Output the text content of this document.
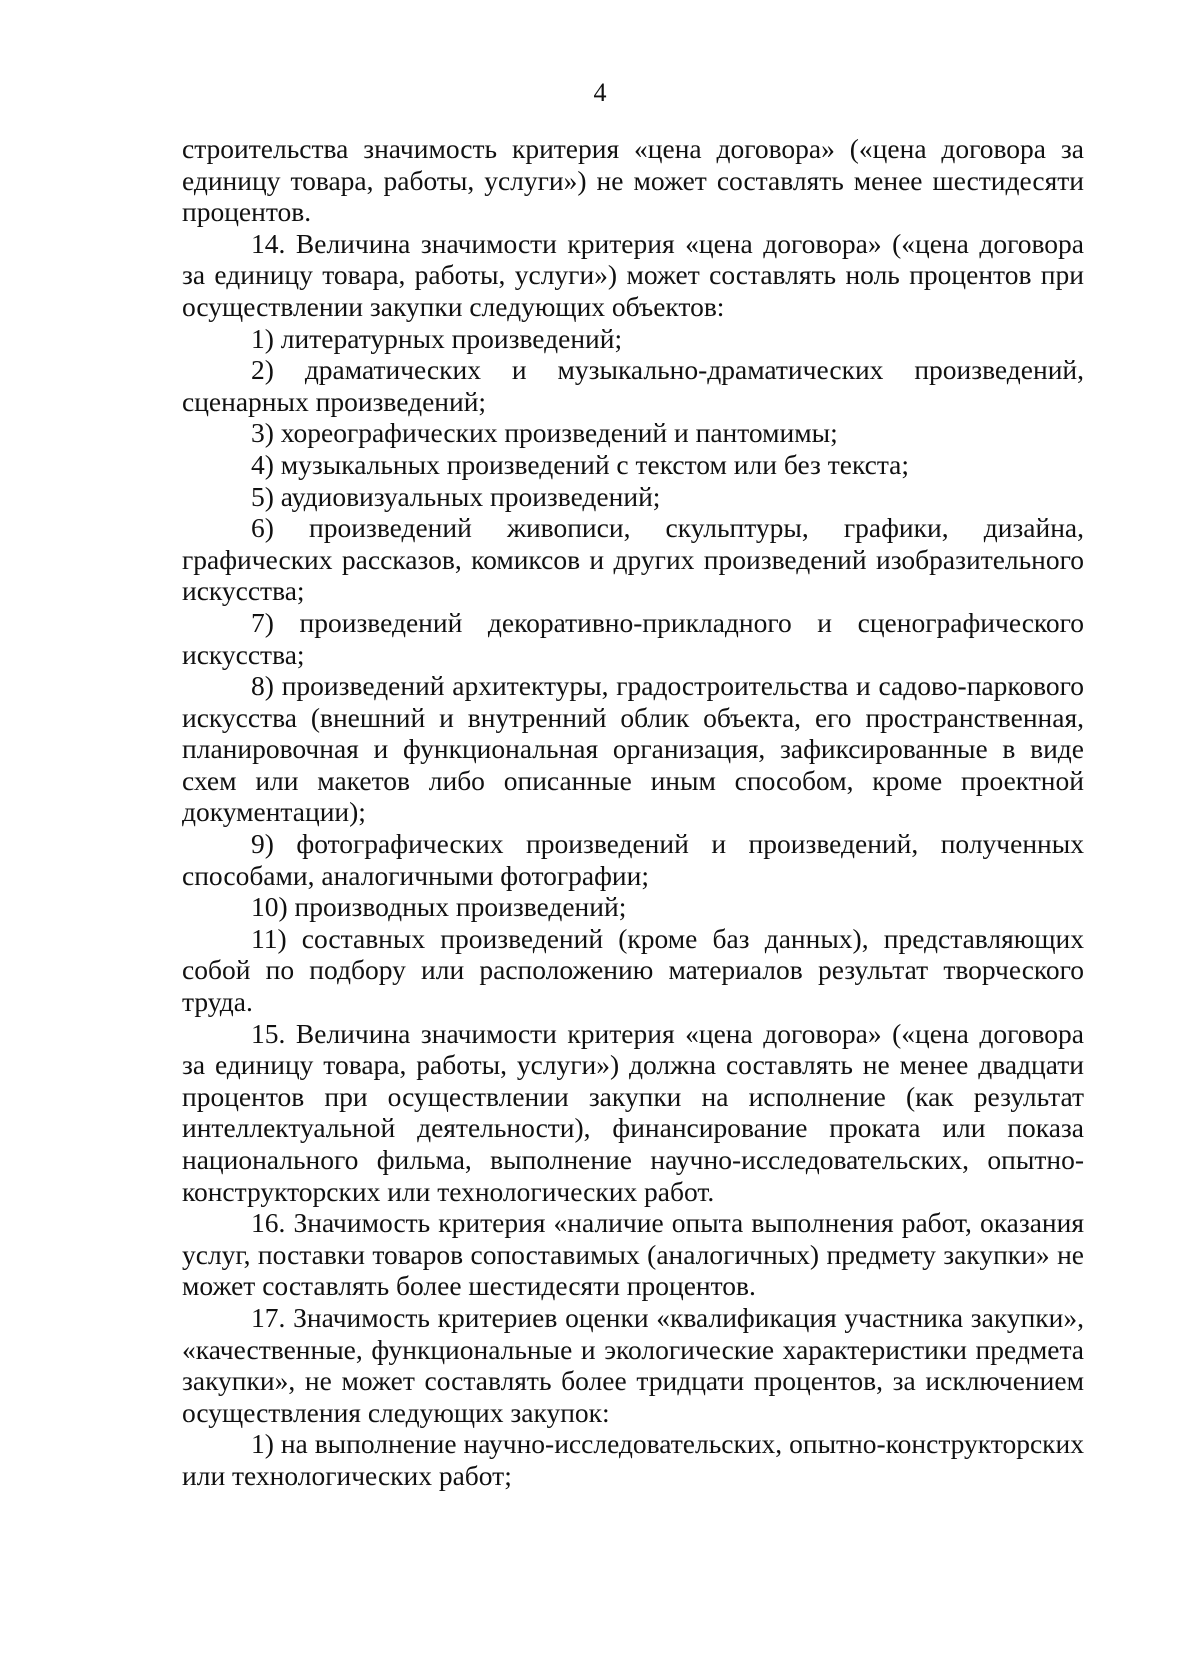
4

строительства значимость критерия «цена договора» («цена договора за единицу товара, работы, услуги») не может составлять менее шестидесяти процентов.

14. Величина значимости критерия «цена договора» («цена договора за единицу товара, работы, услуги») может составлять ноль процентов при осуществлении закупки следующих объектов:

1) литературных произведений;

2) драматических и музыкально-драматических произведений, сценарных произведений;

3) хореографических произведений и пантомимы;

4) музыкальных произведений с текстом или без текста;

5) аудиовизуальных произведений;

6) произведений живописи, скульптуры, графики, дизайна, графических рассказов, комиксов и других произведений изобразительного искусства;

7) произведений декоративно-прикладного и сценографического искусства;

8) произведений архитектуры, градостроительства и садово-паркового искусства (внешний и внутренний облик объекта, его пространственная, планировочная и функциональная организация, зафиксированные в виде схем или макетов либо описанные иным способом, кроме проектной документации);

9) фотографических произведений и произведений, полученных способами, аналогичными фотографии;

10) производных произведений;

11) составных произведений (кроме баз данных), представляющих собой по подбору или расположению материалов результат творческого труда.

15. Величина значимости критерия «цена договора» («цена договора за единицу товара, работы, услуги») должна составлять не менее двадцати процентов при осуществлении закупки на исполнение (как результат интеллектуальной деятельности), финансирование проката или показа национального фильма, выполнение научно-исследовательских, опытно-конструкторских или технологических работ.

16. Значимость критерия «наличие опыта выполнения работ, оказания услуг, поставки товаров сопоставимых (аналогичных) предмету закупки» не может составлять более шестидесяти процентов.

17. Значимость критериев оценки «квалификация участника закупки», «качественные, функциональные и экологические характеристики предмета закупки», не может составлять более тридцати процентов, за исключением осуществления следующих закупок:

1) на выполнение научно-исследовательских, опытно-конструкторских или технологических работ;
